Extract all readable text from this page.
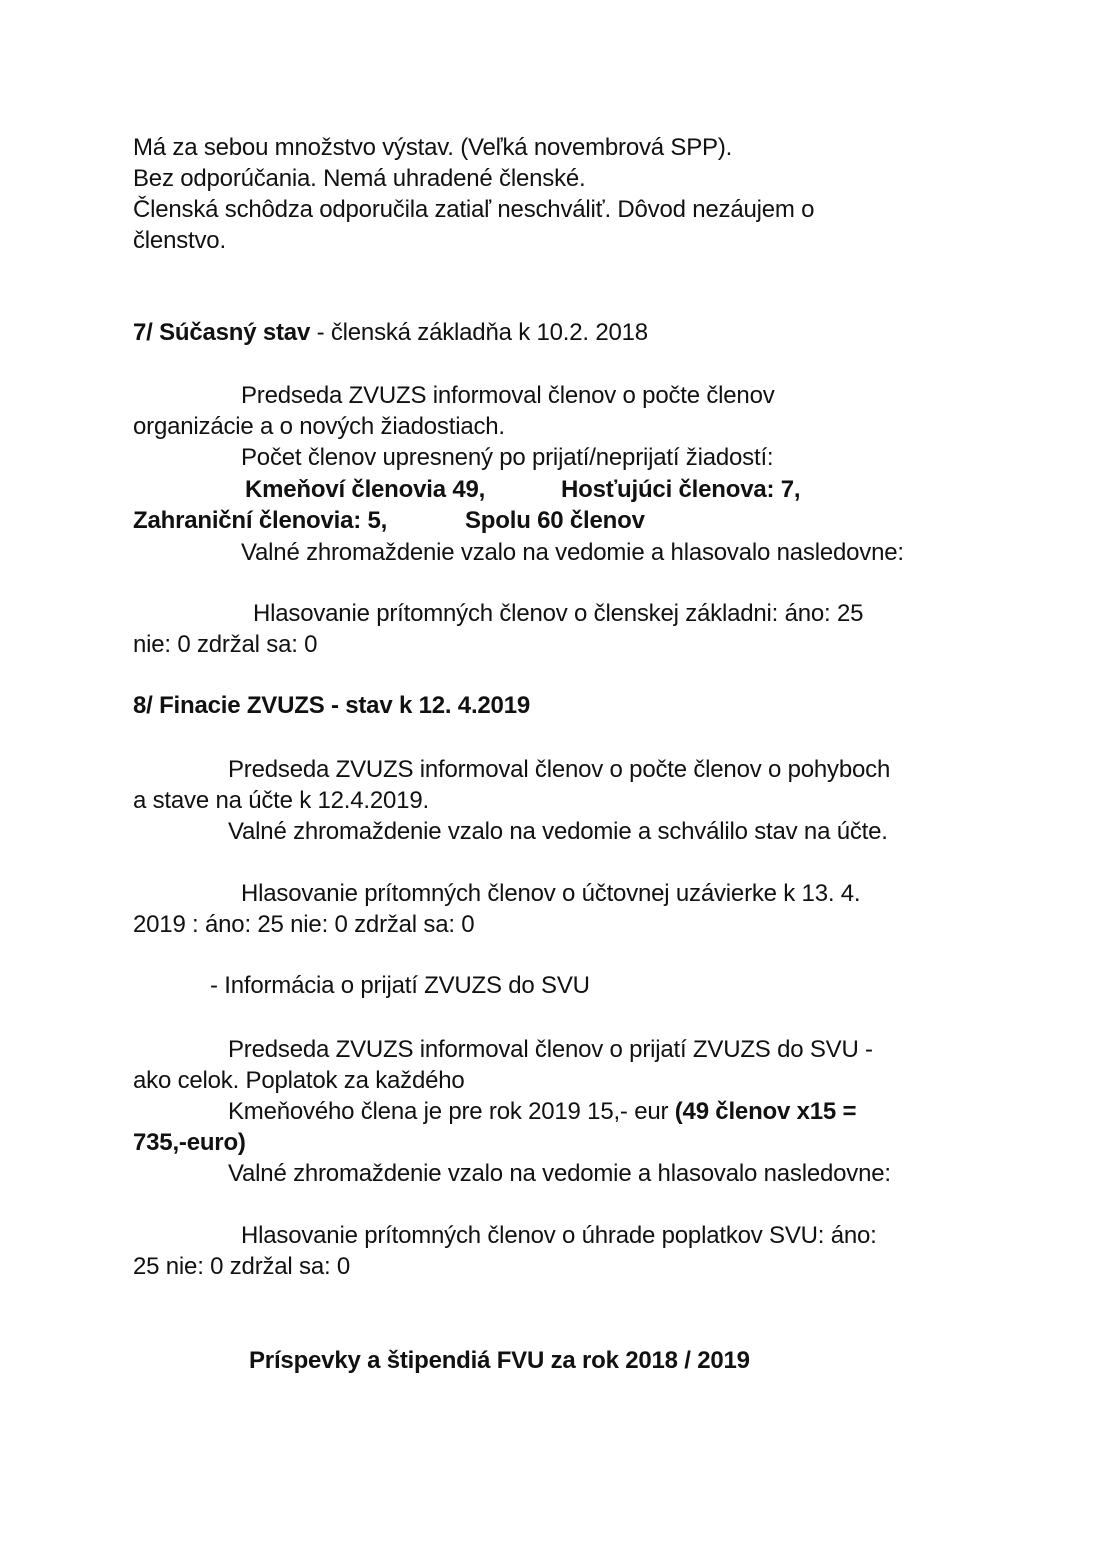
Má za sebou množstvo výstav. (Veľká novembrová SPP).
Bez odporúčania. Nemá uhradené členské.
Členská schôdza odporučila zatiaľ neschváliť. Dôvod nezáujem o
členstvo.
7/ Súčasný stav - členská základňa k 10.2. 2018
Predseda ZVUZS informoval členov o počte členov
organizácie a o nových žiadostiach.
Počet členov upresnený po prijatí/neprijatí žiadostí:
Kmeňoví členovia 49,	Hosťujúci členova: 7,
Zahraniční členovia: 5,	Spolu 60 členov
Valné zhromaždenie vzalo na vedomie a hlasovalo nasledovne:
Hlasovanie prítomných členov o členskej základni: áno: 25
nie: 0 zdržal sa: 0
8/ Finacie ZVUZS - stav k 12. 4.2019
Predseda ZVUZS informoval členov o počte členov o pohyboch
a stave na účte k 12.4.2019.
Valné zhromaždenie vzalo na vedomie a schválilo stav na účte.
Hlasovanie prítomných členov o účtovnej uzávierke k 13. 4.
2019 : áno: 25 nie: 0 zdržal sa: 0
- Informácia o prijatí ZVUZS do SVU
Predseda ZVUZS informoval členov o prijatí ZVUZS do SVU -
ako celok. Poplatok za každého
Kmeňového člena je pre rok 2019 15,- eur (49 členov x15 =
735,-euro)
Valné zhromaždenie vzalo na vedomie a hlasovalo nasledovne:
Hlasovanie prítomných členov o úhrade poplatkov SVU: áno:
25 nie: 0 zdržal sa: 0
Príspevky a štipendiá FVU za rok 2018 / 2019
